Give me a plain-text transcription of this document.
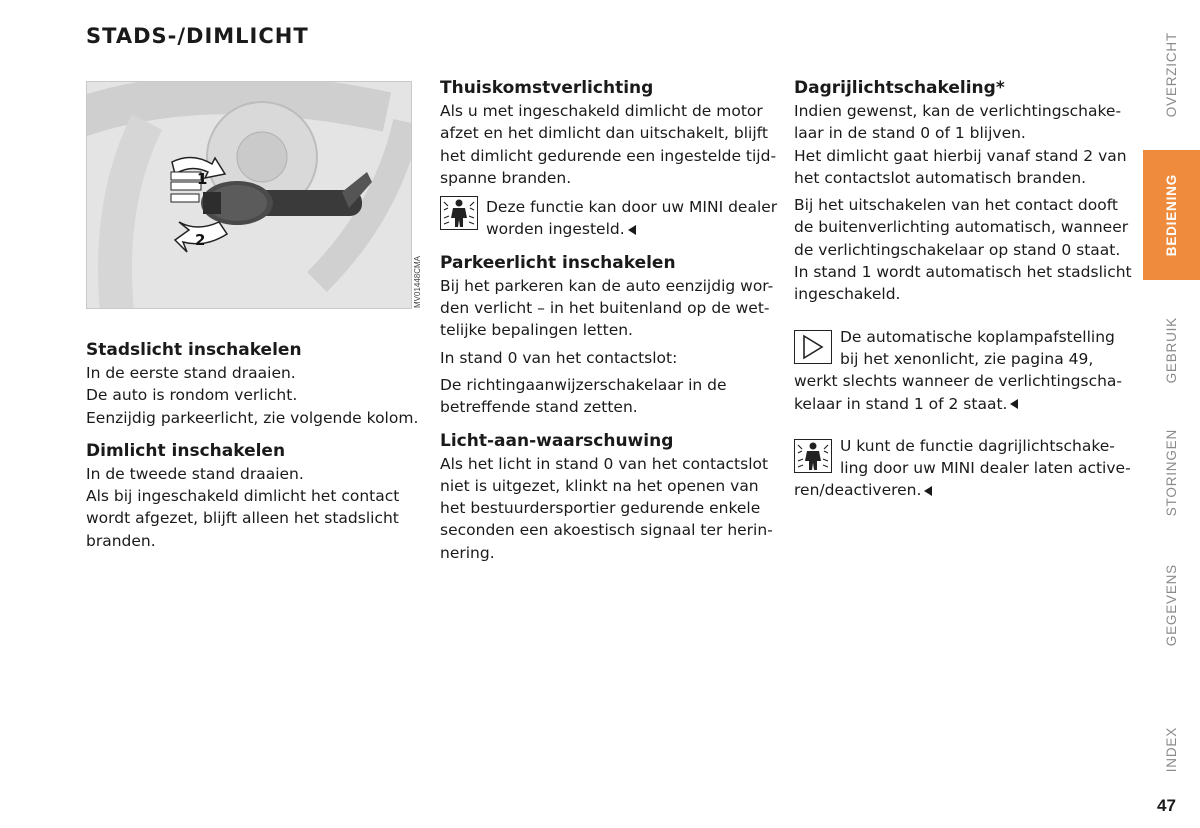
STADS-/DIMLICHT
1
2
MV01448CMA
Stadslicht inschakelen

In de eerste stand draaien.

De auto is rondom verlicht.

Eenzijdig parkeerlicht, zie volgende kolom.

Dimlicht inschakelen

In de tweede stand draaien.

Als bij ingeschakeld dimlicht het contact

wordt afgezet, blijft alleen het stadslicht

branden.

Thuiskomstverlichting

Als u met ingeschakeld dimlicht de motor

afzet en het dimlicht dan uitschakelt, blijft

het dimlicht gedurende een ingestelde tijd-

spanne branden.

Deze functie kan door uw MINI dealer

worden ingesteld.

Parkeerlicht inschakelen

Bij het parkeren kan de auto eenzijdig wor-

den verlicht – in het buitenland op de wet-

telijke bepalingen letten.

In stand 0 van het contactslot:

De richtingaanwijzerschakelaar in de

betreffende stand zetten.

Licht-aan-waarschuwing

Als het licht in stand 0 van het contactslot

niet is uitgezet, klinkt na het openen van

het bestuurdersportier gedurende enkele

seconden een akoestisch signaal ter herin-

nering.

Dagrijlichtschakeling*

Indien gewenst, kan de verlichtingschake-

laar in de stand 0 of 1 blijven.

Het dimlicht gaat hierbij vanaf stand 2 van

het contactslot automatisch branden.

Bij het uitschakelen van het contact dooft

de buitenverlichting automatisch, wanneer

de verlichtingschakelaar op stand 0 staat.

In stand 1 wordt automatisch het stadslicht

ingeschakeld.

De automatische koplampafstelling

bij het xenonlicht, zie pagina 49,

werkt slechts wanneer de verlichtingscha-

kelaar in stand 1 of 2 staat.

U kunt de functie dagrijlichtschake-

ling door uw MINI dealer laten active-

ren/deactiveren.

OVERZICHT
BEDIENING
GEBRUIK
STORINGEN
GEGEVENS
INDEX
47
